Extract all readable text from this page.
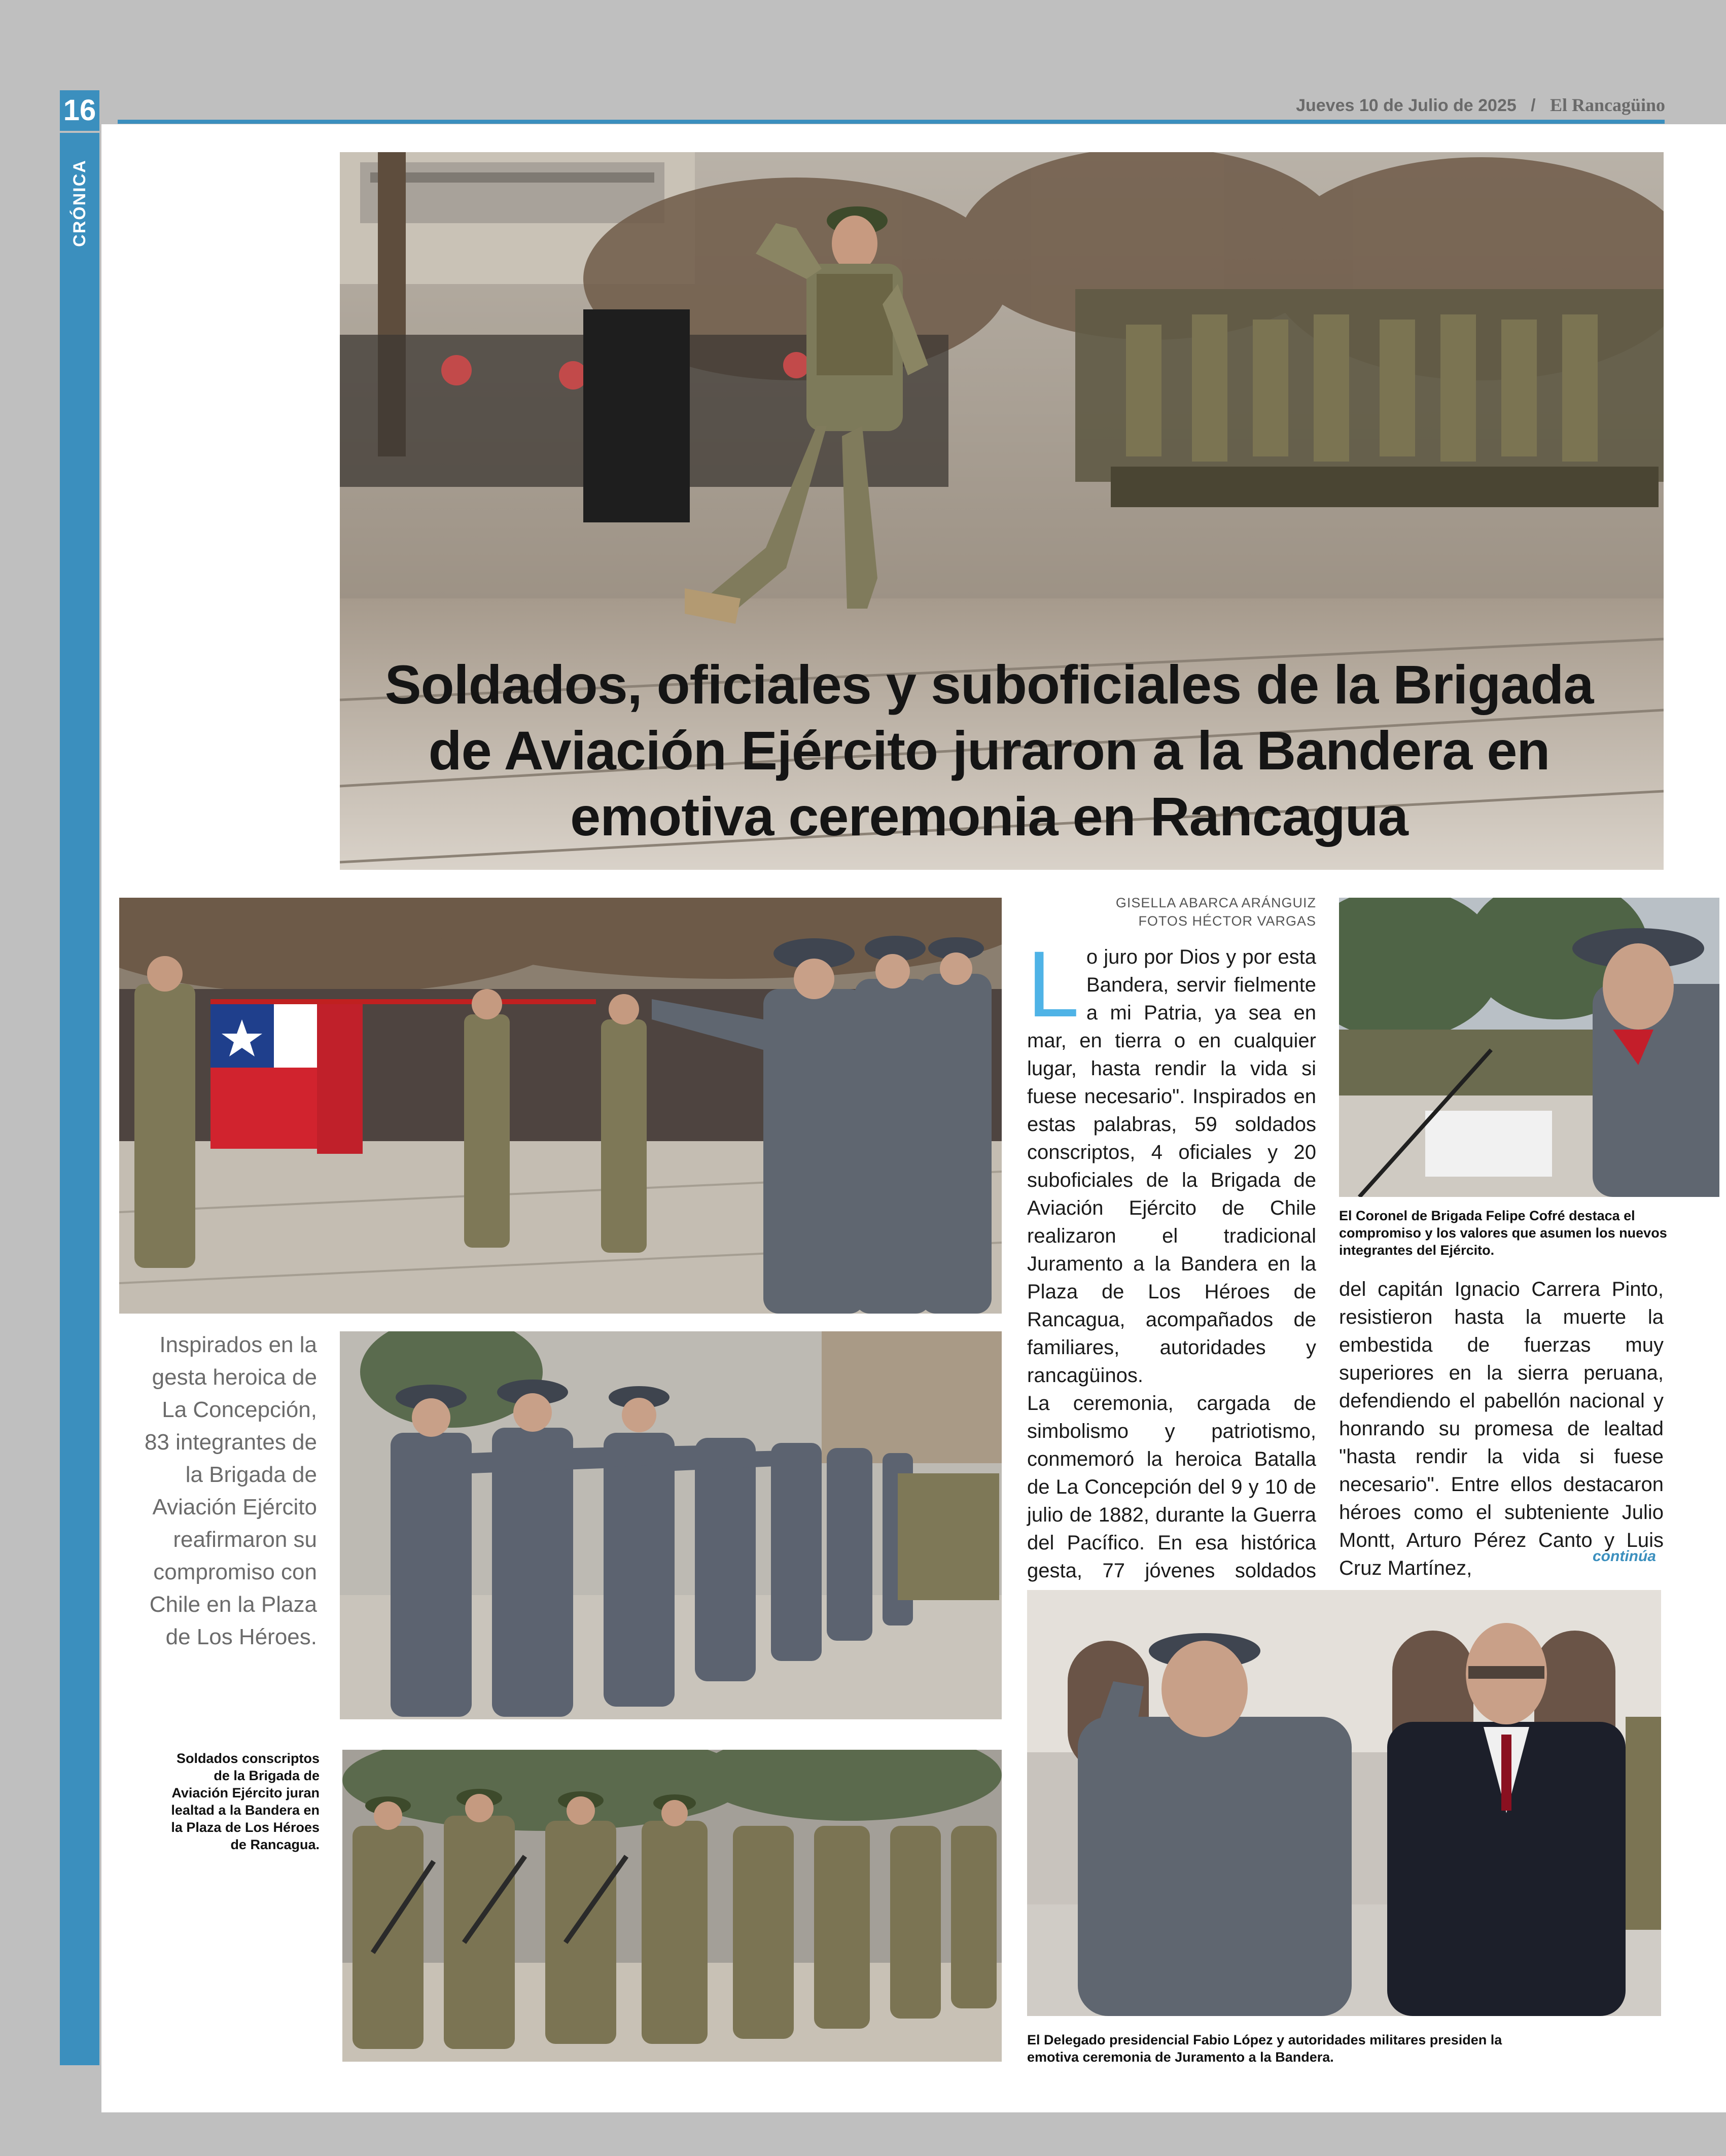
16
CRÓNICA
Jueves 10 de Julio de 2025 / El Rancagüino
Soldados, oficiales y suboficiales de la Brigada de Aviación Ejército juraron a la Bandera en emotiva ceremonia en Rancagua
GISELLA ABARCA ARÁNGUIZ
FOTOS HÉCTOR VARGAS
Lo juro por Dios y por esta Bandera, servir fielmente a mi Patria, ya sea en mar, en tierra o en cualquier lugar, hasta rendir la vida si fuese necesario". Inspirados en estas palabras, 59 soldados conscriptos, 4 oficiales y 20 suboficiales de la Brigada de Aviación Ejército de Chile realizaron el tradicional Juramento a la Bandera en la Plaza de Los Héroes de Rancagua, acompañados de familiares, autoridades y rancagüinos.
La ceremonia, cargada de simbolismo y patriotismo, conmemoró la heroica Batalla de La Concepción del 9 y 10 de julio de 1882, durante la Guerra del Pacífico. En esa histórica gesta, 77 jóvenes soldados
del capitán Ignacio Carrera Pinto, resistieron hasta la muerte la embestida de fuerzas muy superiores en la sierra peruana, defendiendo el pabellón nacional y honrando su promesa de lealtad "hasta rendir la vida si fuese necesario". Entre ellos destacaron héroes como el subteniente Julio Montt, Arturo Pérez Canto y Luis Cruz Martínez,
continúa
El Coronel de Brigada Felipe Cofré destaca el compromiso y los valores que asumen los nuevos integrantes del Ejército.
Inspirados en la gesta heroica de La Concepción, 83 integrantes de la Brigada de Aviación Ejército reafirmaron su compromiso con Chile en la Plaza de Los Héroes.
Soldados conscriptos de la Brigada de Aviación Ejército juran lealtad a la Bandera en la Plaza de Los Héroes de Rancagua.
El Delegado presidencial Fabio López y autoridades militares presiden la emotiva ceremonia de Juramento a la Bandera.
